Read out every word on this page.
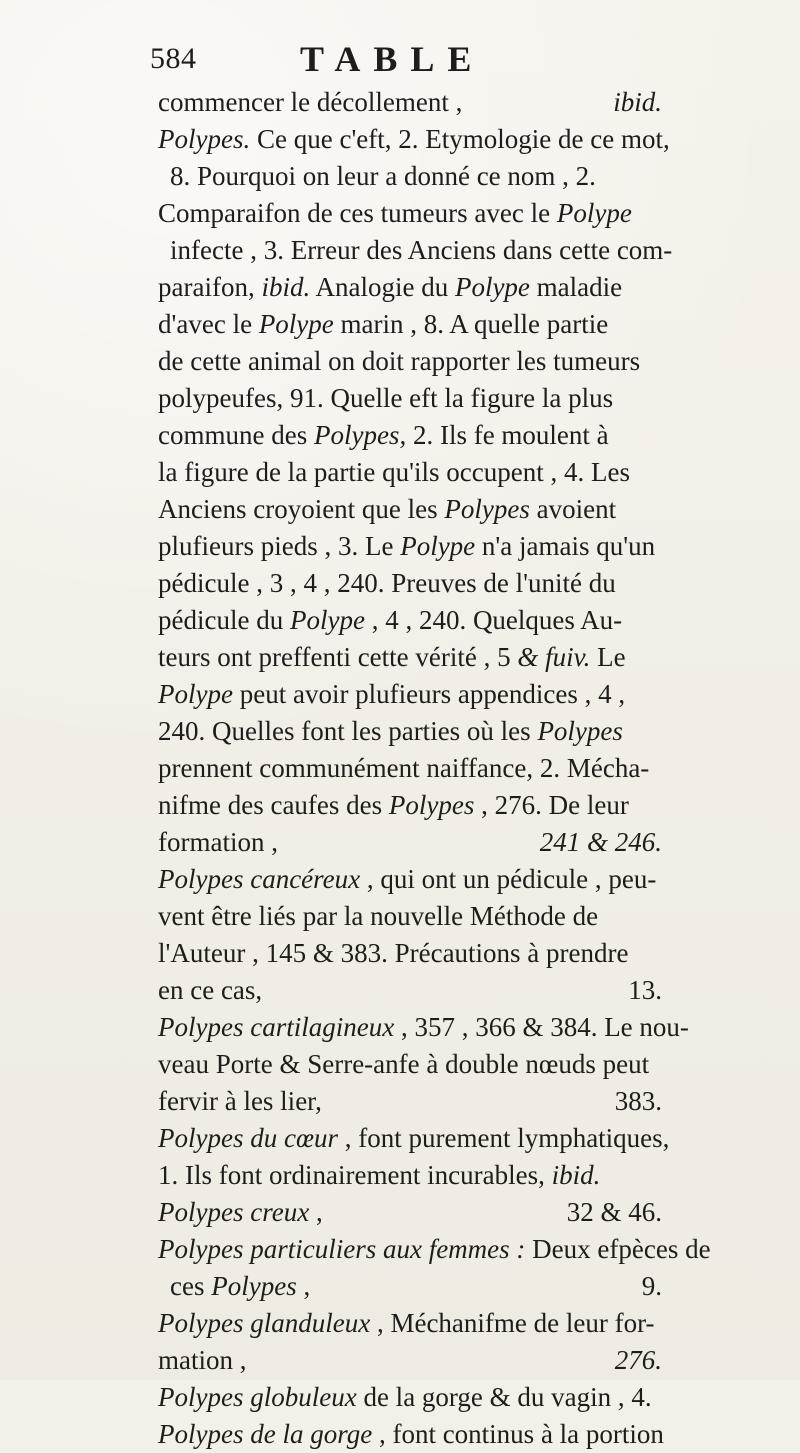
584	TABLE
commencer le décollement ,	ibid.
Polypes. Ce que c'eft, 2. Etymologie de ce mot,
8. Pourquoi on leur a donné ce nom , 2.
Comparaifon de ces tumeurs avec le Polype
infecte , 3. Erreur des Anciens dans cette com-
paraifon, ibid. Analogie du Polype maladie
d'avec le Polype marin , 8. A quelle partie
de cette animal on doit rapporter les tumeurs
polypeufes, 91. Quelle eft la figure la plus
commune des Polypes, 2. Ils fe moulent à
la figure de la partie qu'ils occupent , 4. Les
Anciens croyoient que les Polypes avoient
plufieurs pieds , 3. Le Polype n'a jamais qu'un
pédicule , 3 , 4 , 240. Preuves de l'unité du
pédicule du Polype , 4 , 240. Quelques Au-
teurs ont preffenti cette vérité , 5 & fuiv. Le
Polype peut avoir plufieurs appendices , 4 ,
240. Quelles font les parties où les Polypes
prennent communément naiffance, 2. Mécha-
nifme des caufes des Polypes , 276. De leur
formation ,	241 & 246.
Polypes cancéreux , qui ont un pédicule , peu-
vent être liés par la nouvelle Méthode de
l'Auteur , 145 & 383. Précautions à prendre
en ce cas,	13.
Polypes cartilagineux , 357 , 366 & 384. Le nou-
veau Porte & Serre-anfe à double nœuds peut
fervir à les lier,	383.
Polypes du cœur , font purement lymphatiques,
1. Ils font ordinairement incurables, ibid.
Polypes creux ,	32 & 46.
Polypes particuliers aux femmes : Deux efpèces de
ces Polypes ,	9.
Polypes glanduleux , Méchanifme de leur for-
mation ,	276.
Polypes globuleux de la gorge & du vagin , 4.
Polypes de la gorge , font continus à la portion
